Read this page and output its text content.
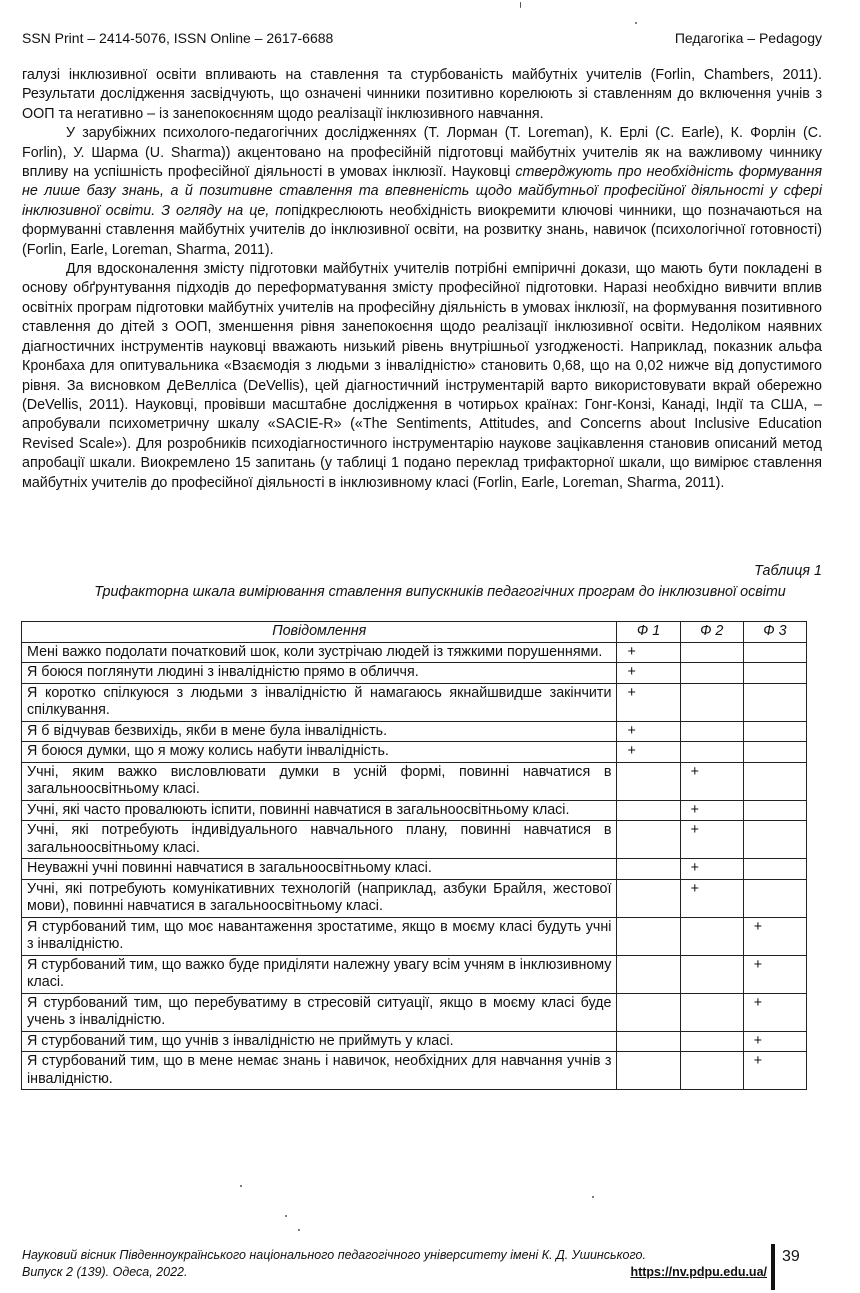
SSN Print – 2414-5076, ISSN Online – 2617-6688	Педагогіка – Pedagogy

галузі інклюзивної освіти впливають на ставлення та стурбованість майбутніх учителів (Forlin, Chambers, 2011). Результати дослідження засвідчують, що означені чинники позитивно корелюють зі ставленням до включення учнів з ООП та негативно – із занепокоєнням щодо реалізації інклюзивного навчання.

У зарубіжних психолого-педагогічних дослідженнях (Т. Лорман (T. Loreman), К. Ерлі (C. Earle), К. Форлін (C. Forlin), У. Шарма (U. Sharma)) акцентовано на професійній підготовці майбутніх учителів як на важливому чиннику впливу на успішність професійної діяльності в умовах інклюзії. Науковці стверджують про необхідність формування не лише базу знань, а й позитивне ставлення та впевненість щодо майбутньої професійної діяльності у сфері інклюзивної освіти. З огляду на це, попідкреслюють необхідність виокремити ключові чинники, що позначаються на формуванні ставлення майбутніх учителів до інклюзивної освіти, на розвитку знань, навичок (психологічної готовності) (Forlin, Earle, Loreman, Sharma, 2011).

Для вдосконалення змісту підготовки майбутніх учителів потрібні емпіричні докази, що мають бути покладені в основу обґрунтування підходів до переформатування змісту професійної підготовки. Наразі необхідно вивчити вплив освітніх програм підготовки майбутніх учителів на професійну діяльність в умовах інклюзії, на формування позитивного ставлення до дітей з ООП, зменшення рівня занепокоєння щодо реалізації інклюзивної освіти. Недоліком наявних діагностичних інструментів науковці вважають низький рівень внутрішньої узгодженості. Наприклад, показник альфа Кронбаха для опитувальника «Взаємодія з людьми з інвалідністю» становить 0,68, що на 0,02 нижче від допустимого рівня. За висновком ДеВелліса (DeVellis), цей діагностичний інструментарій варто використовувати вкрай обережно (DeVellis, 2011). Науковці, провівши масштабне дослідження в чотирьох країнах: Гонг-Конзі, Канаді, Індії та США, – апробували психометричну шкалу «SACIE-R» («The Sentiments, Attitudes, and Concerns about Inclusive Education Revised Scale»). Для розробників психодіагностичного інструментарію наукове зацікавлення становив описаний метод апробації шкали. Виокремлено 15 запитань (у таблиці 1 подано переклад трифакторної шкали, що вимірює ставлення майбутніх учителів до професійної діяльності в інклюзивному класі (Forlin, Earle, Loreman, Sharma, 2011).

Таблиця 1
Трифакторна шкала вимірювання ставлення випускників педагогічних програм до інклюзивної освіти
Повідомлення	Ф 1	Ф 2	Ф 3
Мені важко подолати початковий шок, коли зустрічаю людей із тяжкими порушеннями.	+		
Я боюся поглянути людині з інвалідністю прямо в обличчя.	+		
Я коротко спілкуюся з людьми з інвалідністю й намагаюсь якнайшвидше закінчити спілкування.	+		
Я б відчував безвихідь, якби в мене була інвалідність.	+		
Я боюся думки, що я можу колись набути інвалідність.	+		
Учні, яким важко висловлювати думки в усній формі, повинні навчатися в загальноосвітньому класі.		+	
Учні, які часто провалюють іспити, повинні навчатися в загальноосвітньому класі.		+	
Учні, які потребують індивідуального навчального плану, повинні навчатися в загальноосвітньому класі.		+	
Неуважні учні повинні навчатися в загальноосвітньому класі.		+	
Учні, які потребують комунікативних технологій (наприклад, азбуки Брайля, жестової мови), повинні навчатися в загальноосвітньому класі.		+	
Я стурбований тим, що моє навантаження зростатиме, якщо в моєму класі будуть учні з інвалідністю.			+
Я стурбований тим, що важко буде приділяти належну увагу всім учням в інклюзивному класі.			+
Я стурбований тим, що перебуватиму в стресовій ситуації, якщо в моєму класі буде учень з інвалідністю.			+
Я стурбований тим, що учнів з інвалідністю не приймуть у класі.			+
Я стурбований тим, що в мене немає знань і навичок, необхідних для навчання учнів з інвалідністю.			+
Науковий вісник Південноукраїнського національного педагогічного університету імені К. Д. Ушинського.
Випуск 2 (139). Одеса, 2022.	https://nv.pdpu.edu.ua/
39
